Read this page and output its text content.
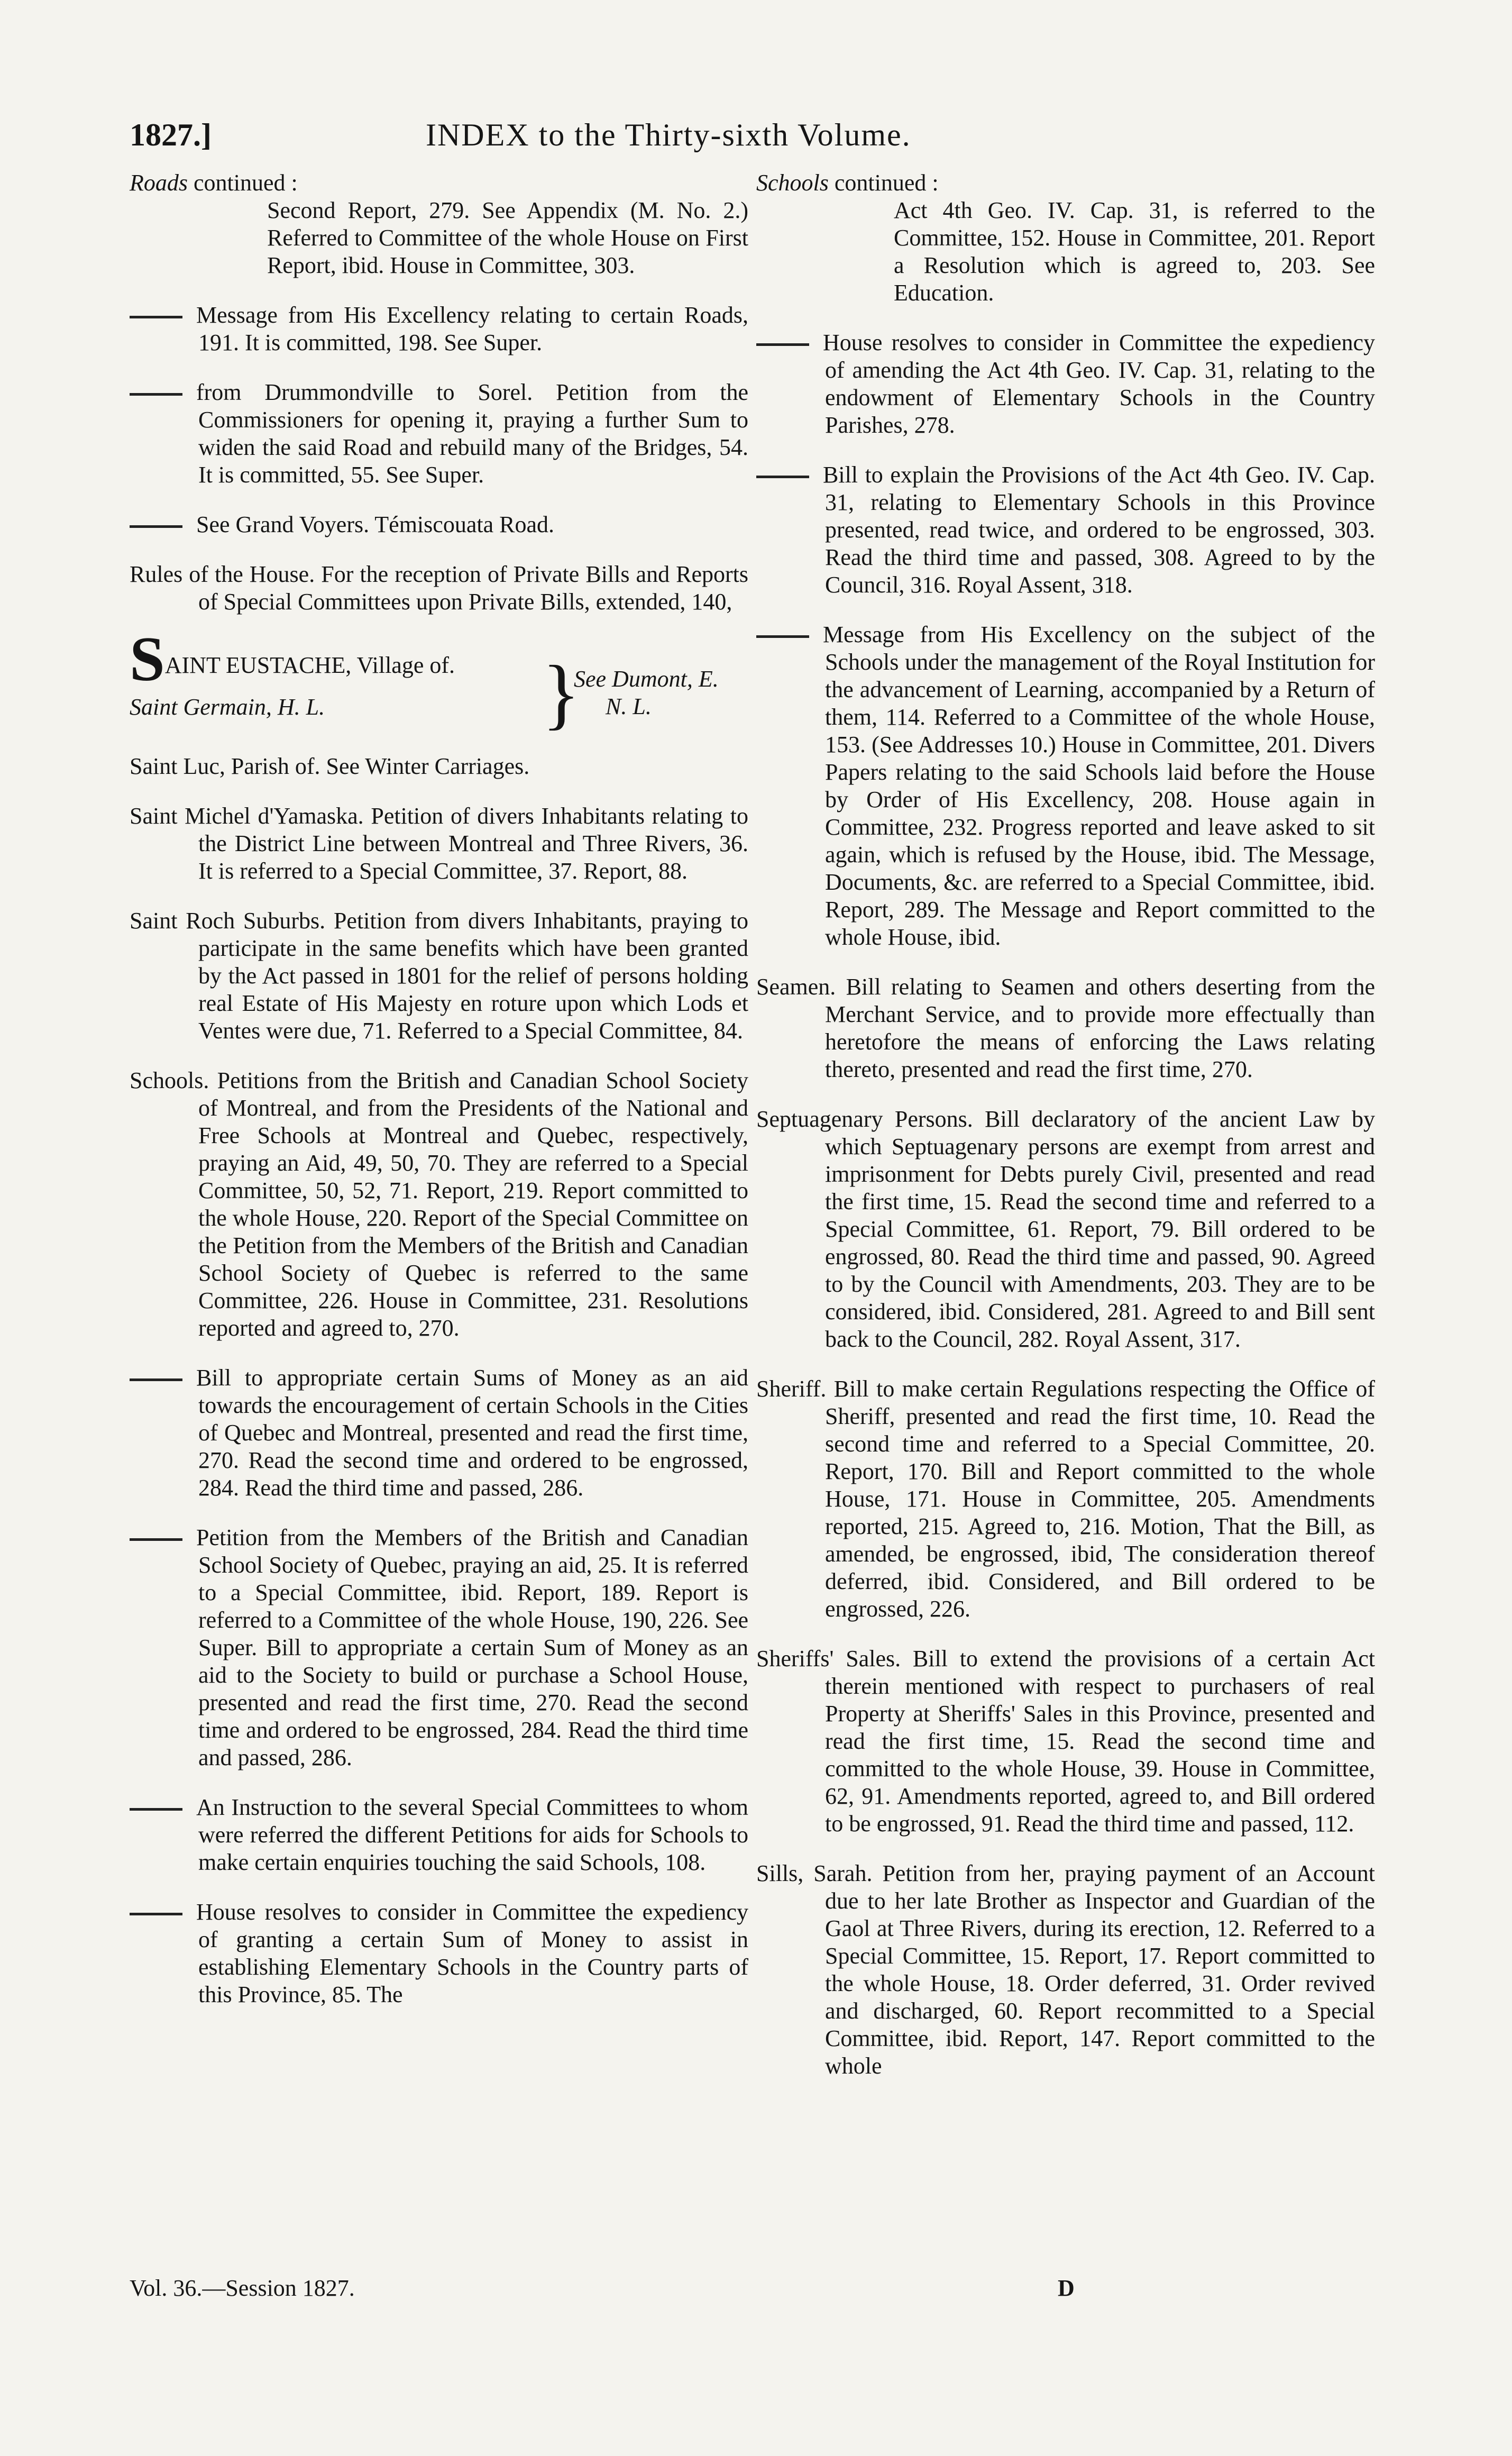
1827.]	INDEX to the Thirty-sixth Volume.
Roads continued :
Second Report, 279. See Appendix (M. No. 2.) Referred to Committee of the whole House on First Report, ibid. House in Committee, 303.
Message from His Excellency relating to certain Roads, 191. It is committed, 198. See Super.
from Drummondville to Sorel. Petition from the Commissioners for opening it, praying a further Sum to widen the said Road and rebuild many of the Bridges, 54. It is committed, 55. See Super.
See Grand Voyers. Témiscouata Road.
Rules of the House. For the reception of Private Bills and Reports of Special Committees upon Private Bills, extended, 140,
SAINT EUSTACHE, Village of.
Saint Germain, H. L.	}
See Dumont, E.
N. L.
Saint Luc, Parish of. See Winter Carriages.
Saint Michel d'Yamaska. Petition of divers Inhabitants relating to the District Line between Montreal and Three Rivers, 36. It is referred to a Special Committee, 37. Report, 88.
Saint Roch Suburbs. Petition from divers Inhabitants, praying to participate in the same benefits which have been granted by the Act passed in 1801 for the relief of persons holding real Estate of His Majesty en roture upon which Lods et Ventes were due, 71. Referred to a Special Committee, 84.
Schools. Petitions from the British and Canadian School Society of Montreal, and from the Presidents of the National and Free Schools at Montreal and Quebec, respectively, praying an Aid, 49, 50, 70. They are referred to a Special Committee, 50, 52, 71. Report, 219. Report committed to the whole House, 220. Report of the Special Committee on the Petition from the Members of the British and Canadian School Society of Quebec is referred to the same Committee, 226. House in Committee, 231. Resolutions reported and agreed to, 270.
Bill to appropriate certain Sums of Money as an aid towards the encouragement of certain Schools in the Cities of Quebec and Montreal, presented and read the first time, 270. Read the second time and ordered to be engrossed, 284. Read the third time and passed, 286.
Petition from the Members of the British and Canadian School Society of Quebec, praying an aid, 25. It is referred to a Special Committee, ibid. Report, 189. Report is referred to a Committee of the whole House, 190, 226. See Super. Bill to appropriate a certain Sum of Money as an aid to the Society to build or purchase a School House, presented and read the first time, 270. Read the second time and ordered to be engrossed, 284. Read the third time and passed, 286.
An Instruction to the several Special Committees to whom were referred the different Petitions for aids for Schools to make certain enquiries touching the said Schools, 108.
House resolves to consider in Committee the expediency of granting a certain Sum of Money to assist in establishing Elementary Schools in the Country parts of this Province, 85. The
Schools continued :
Act 4th Geo. IV. Cap. 31, is referred to the Committee, 152. House in Committee, 201. Report a Resolution which is agreed to, 203. See Education.
House resolves to consider in Committee the expediency of amending the Act 4th Geo. IV. Cap. 31, relating to the endowment of Elementary Schools in the Country Parishes, 278.
Bill to explain the Provisions of the Act 4th Geo. IV. Cap. 31, relating to Elementary Schools in this Province presented, read twice, and ordered to be engrossed, 303. Read the third time and passed, 308. Agreed to by the Council, 316. Royal Assent, 318.
Message from His Excellency on the subject of the Schools under the management of the Royal Institution for the advancement of Learning, accompanied by a Return of them, 114. Referred to a Committee of the whole House, 153. (See Addresses 10.) House in Committee, 201. Divers Papers relating to the said Schools laid before the House by Order of His Excellency, 208. House again in Committee, 232. Progress reported and leave asked to sit again, which is refused by the House, ibid. The Message, Documents, &c. are referred to a Special Committee, ibid. Report, 289. The Message and Report committed to the whole House, ibid.
Seamen. Bill relating to Seamen and others deserting from the Merchant Service, and to provide more effectually than heretofore the means of enforcing the Laws relating thereto, presented and read the first time, 270.
Septuagenary Persons. Bill declaratory of the ancient Law by which Septuagenary persons are exempt from arrest and imprisonment for Debts purely Civil, presented and read the first time, 15. Read the second time and referred to a Special Committee, 61. Report, 79. Bill ordered to be engrossed, 80. Read the third time and passed, 90. Agreed to by the Council with Amendments, 203. They are to be considered, ibid. Considered, 281. Agreed to and Bill sent back to the Council, 282. Royal Assent, 317.
Sheriff. Bill to make certain Regulations respecting the Office of Sheriff, presented and read the first time, 10. Read the second time and referred to a Special Committee, 20. Report, 170. Bill and Report committed to the whole House, 171. House in Committee, 205. Amendments reported, 215. Agreed to, 216. Motion, That the Bill, as amended, be engrossed, ibid, The consideration thereof deferred, ibid. Considered, and Bill ordered to be engrossed, 226.
Sheriffs' Sales. Bill to extend the provisions of a certain Act therein mentioned with respect to purchasers of real Property at Sheriffs' Sales in this Province, presented and read the first time, 15. Read the second time and committed to the whole House, 39. House in Committee, 62, 91. Amendments reported, agreed to, and Bill ordered to be engrossed, 91. Read the third time and passed, 112.
Sills, Sarah. Petition from her, praying payment of an Account due to her late Brother as Inspector and Guardian of the Gaol at Three Rivers, during its erection, 12. Referred to a Special Committee, 15. Report, 17. Report committed to the whole House, 18. Order deferred, 31. Order revived and discharged, 60. Report recommitted to a Special Committee, ibid. Report, 147. Report committed to the whole
Vol. 36.—Session 1827.	D
